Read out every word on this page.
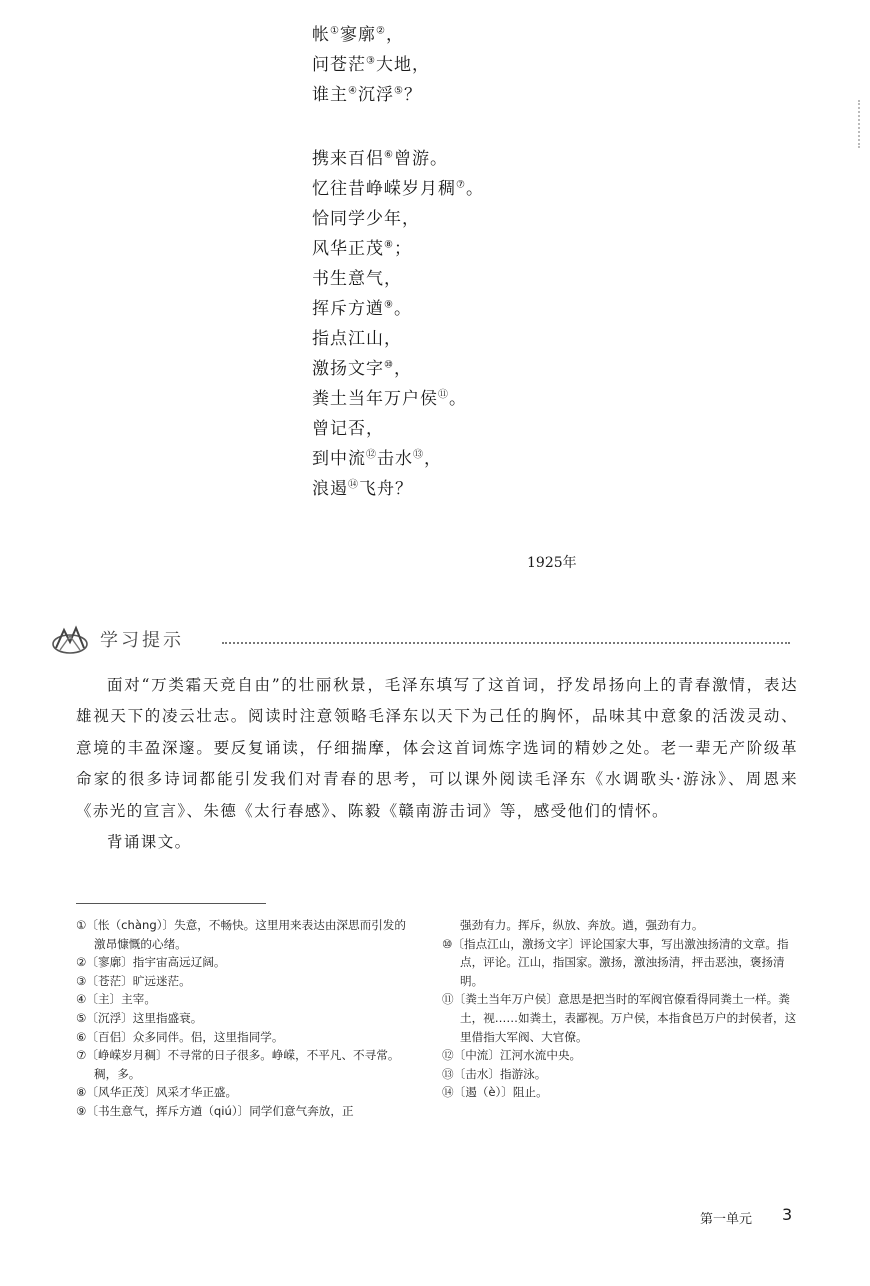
帐①寥廓②，
问苍茫③大地，
谁主④沉浮⑤？
携来百侣⑥曾游。
忆往昔峥嵘岁月稠⑦。
恰同学少年，
风华正茂⑧；
书生意气，
挥斥方遒⑨。
指点江山，
激扬文字⑩，
粪土当年万户侯⑪。
曾记否，
到中流⑫击水⑬，
浪遏⑭飞舟？
1925年
学习提示

面对“万类霜天竞自由”的壮丽秋景，毛泽东填写了这首词，抒发昂扬向上的青春激情，表达雄视天下的凌云壮志。阅读时注意领略毛泽东以天下为己任的胸怀，品味其中意象的活泼灵动、意境的丰盈深邃。要反复诵读，仔细揣摩，体会这首词炼字选词的精妙之处。老一辈无产阶级革命家的很多诗词都能引发我们对青春的思考，可以课外阅读毛泽东《水调歌头·游泳》、周恩来《赤光的宣言》、朱德《太行春感》、陈毅《赣南游击词》等，感受他们的情怀。

背诵课文。

①〔怅（chàng）〕失意，不畅快。这里用来表达由深思而引发的激昂慷慨的心绪。
②〔寥廓〕指宇宙高远辽阔。
③〔苍茫〕旷远迷茫。
④〔主〕主宰。
⑤〔沉浮〕这里指盛衰。
⑥〔百侣〕众多同伴。侣，这里指同学。
⑦〔峥嵘岁月稠〕不寻常的日子很多。峥嵘，不平凡、不寻常。稠，多。
⑧〔风华正茂〕风采才华正盛。
⑨〔书生意气，挥斥方遒（qiú）〕同学们意气奔放，正
强劲有力。挥斥，纵放、奔放。遒，强劲有力。
⑩〔指点江山，激扬文字〕评论国家大事，写出激浊扬清的文章。指点，评论。江山，指国家。激扬，激浊扬清，抨击恶浊，褒扬清明。
⑪〔粪土当年万户侯〕意思是把当时的军阀官僚看得同粪土一样。粪土，视……如粪土，表鄙视。万户侯，本指食邑万户的封侯者，这里借指大军阀、大官僚。
⑫〔中流〕江河水流中央。
⑬〔击水〕指游泳。
⑭〔遏（è）〕阻止。
第一单元 3
